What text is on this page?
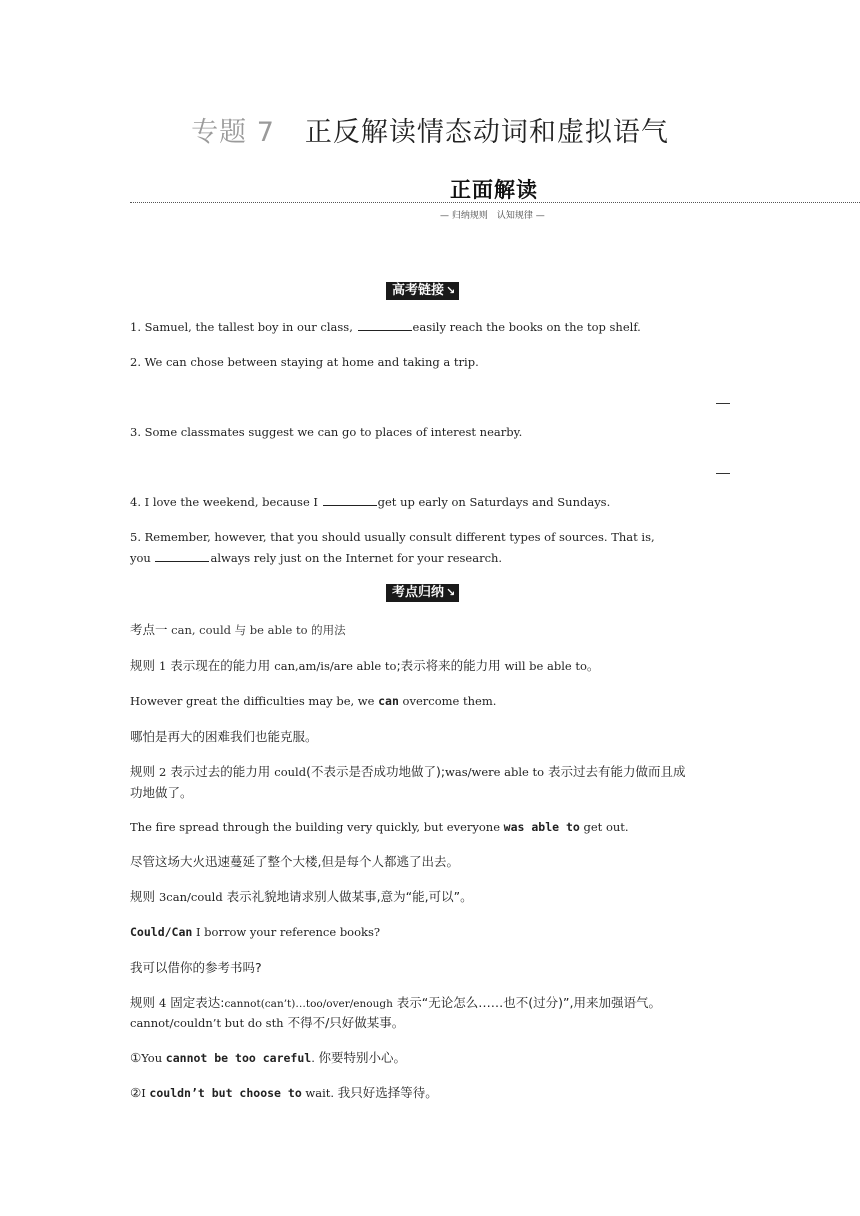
专题 7 正反解读情态动词和虚拟语气
正面解读
— 归纳规则　认知规律 —
高考链接 ↘
1. Samuel, the tallest boy in our class,	easily reach the books on the top shelf.
2. We can chose between staying at home and taking a trip.
3. Some classmates suggest we can go to places of interest nearby.
4. I love the weekend, because I	get up early on Saturdays and Sundays.
5. Remember, however, that you should usually consult different types of sources. That is,
you	always rely just on the Internet for your research.
考点归纳 ↘
考点一 can, could 与 be able to 的用法
规则 1 表示现在的能力用 can,am/is/are able to;表示将来的能力用 will be able to。
However great the difficulties may be, we can overcome them.
哪怕是再大的困难我们也能克服。
规则 2 表示过去的能力用 could(不表示是否成功地做了);was/were able to 表示过去有能力做而且成
功地做了。
The fire spread through the building very quickly, but everyone was able to get out.
尽管这场大火迅速蔓延了整个大楼,但是每个人都逃了出去。
规则 3can/could 表示礼貌地请求别人做某事,意为“能,可以”。
Could/Can I borrow your reference books?
我可以借你的参考书吗?
规则 4 固定表达:cannot(can’t)…too/over/enough 表示“无论怎么……也不(过分)”,用来加强语气。
cannot/couldn’t but do sth 不得不/只好做某事。
①You cannot be too careful. 你要特别小心。
②I couldn’t but choose to wait. 我只好选择等待。
